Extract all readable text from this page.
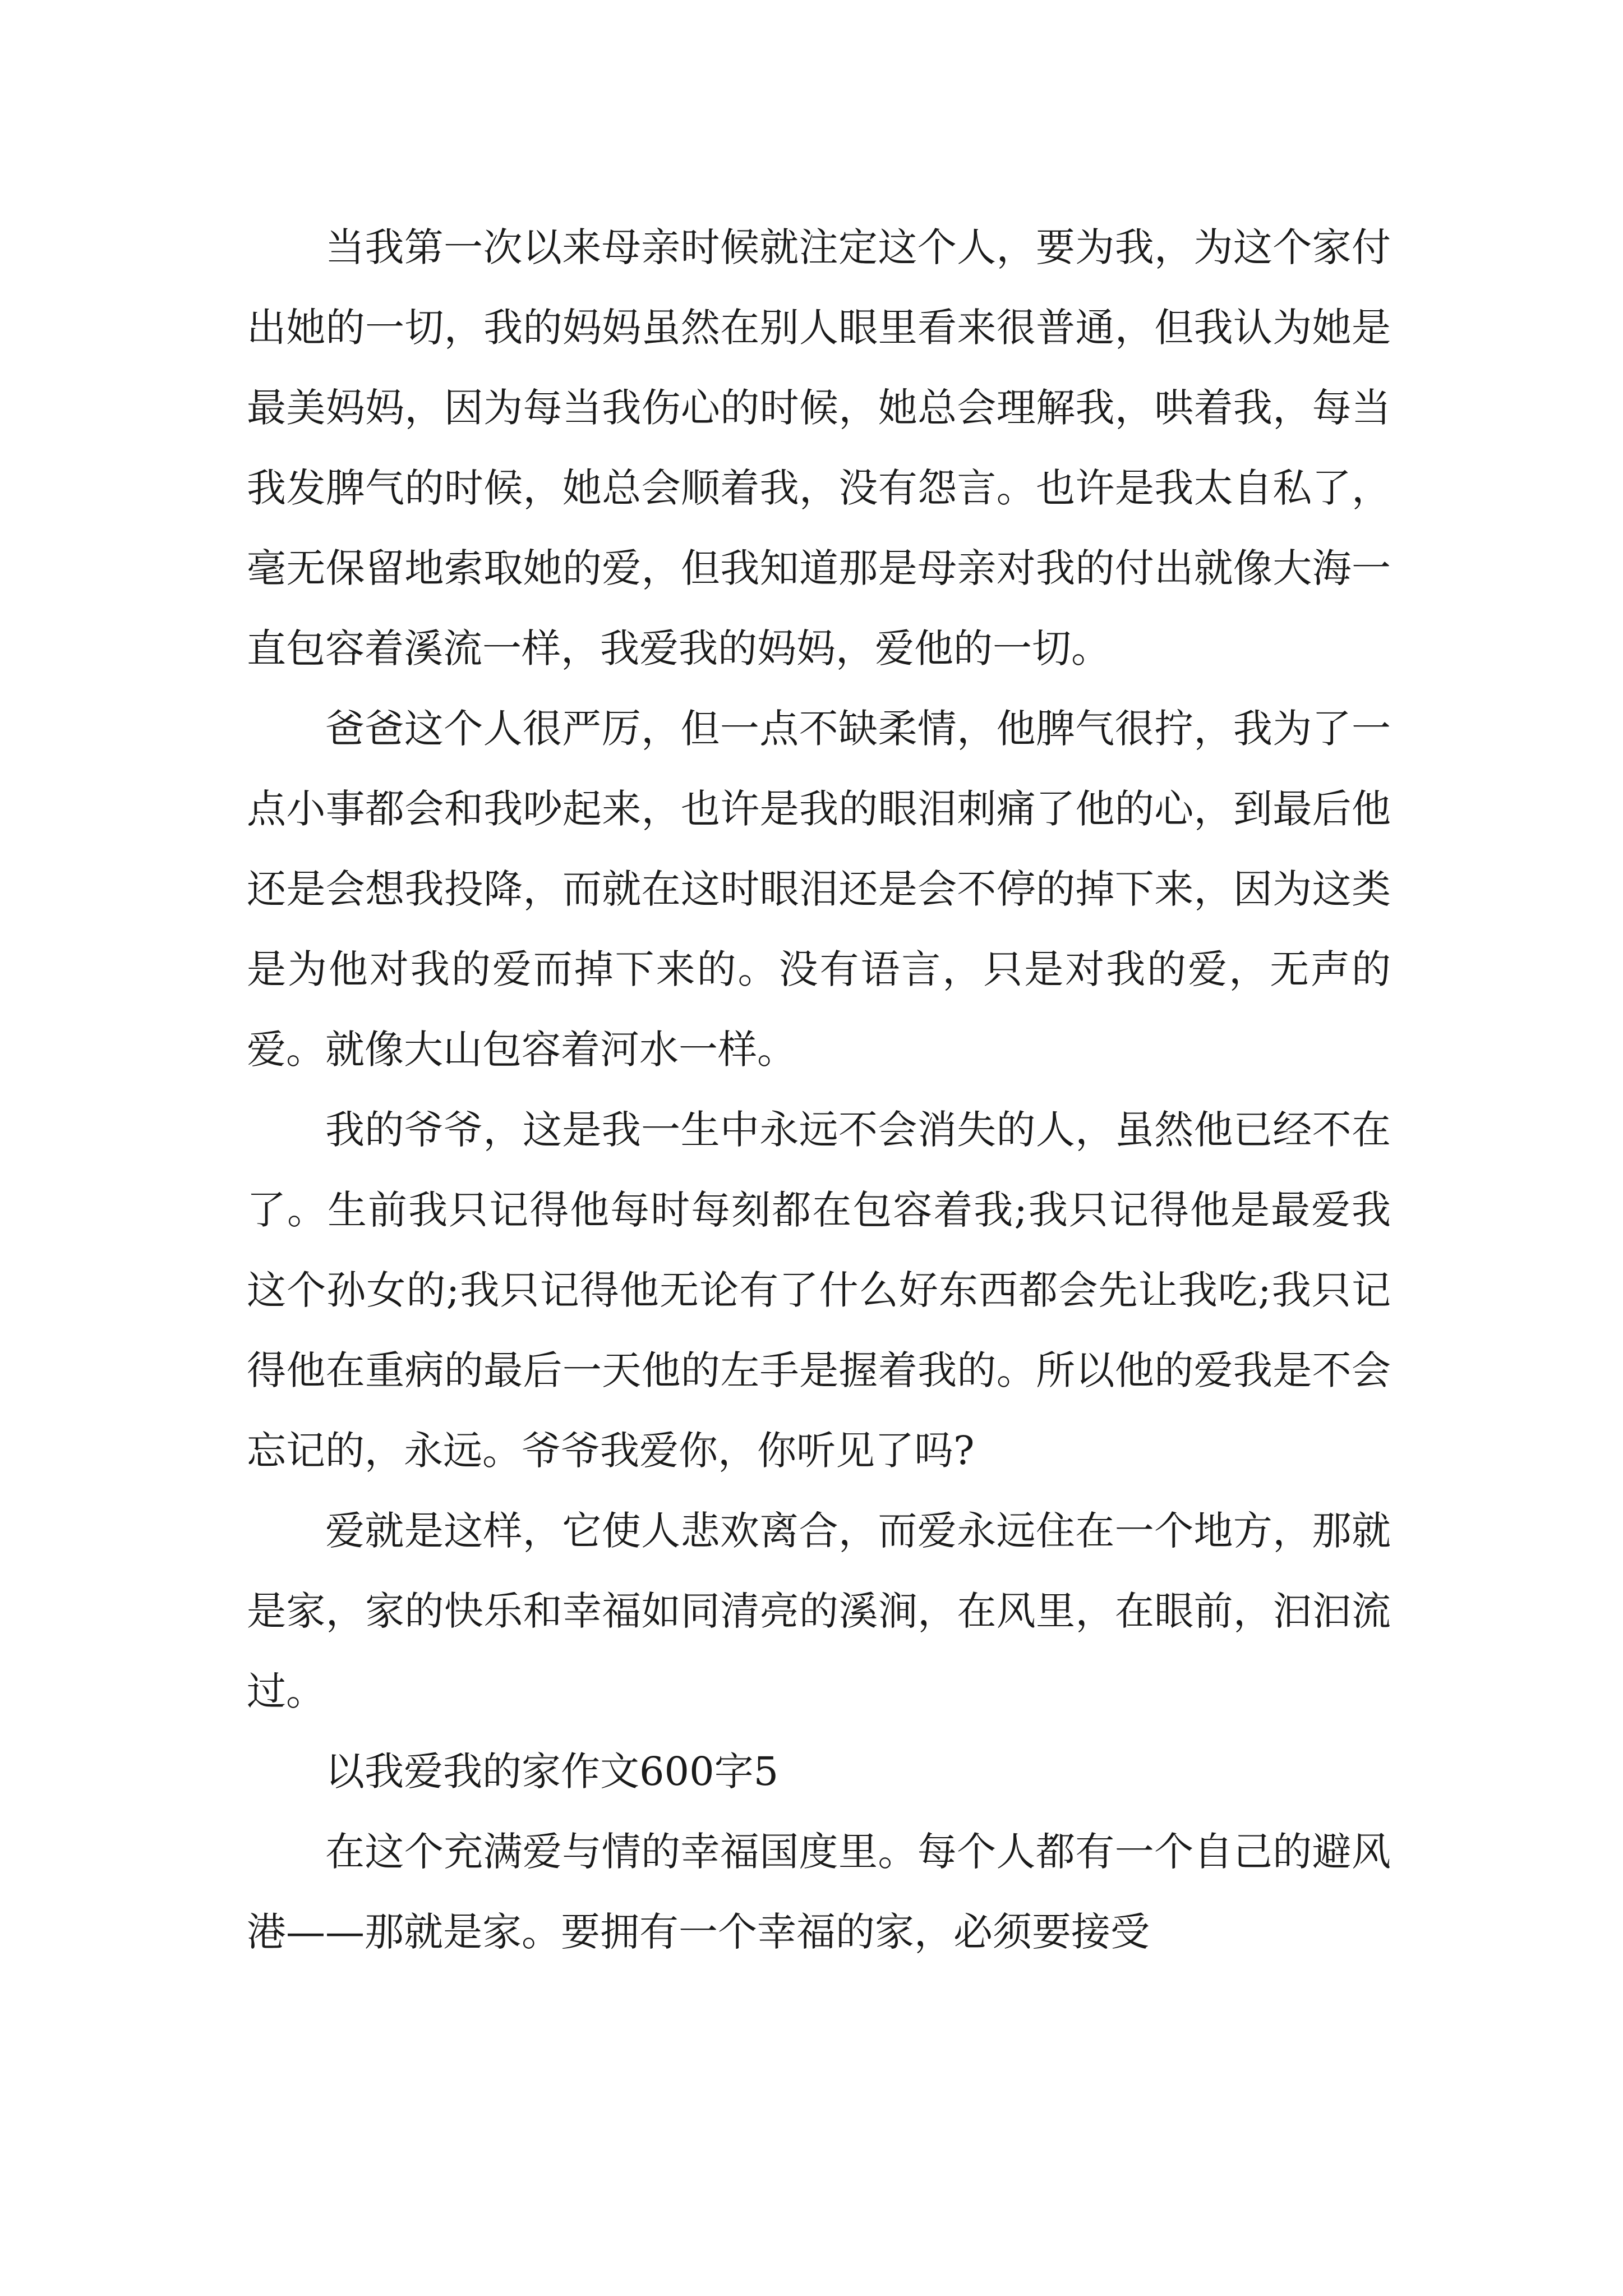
当我第一次以来母亲时候就注定这个人，要为我，为这个家付出她的一切，我的妈妈虽然在别人眼里看来很普通，但我认为她是最美妈妈，因为每当我伤心的时候，她总会理解我，哄着我，每当我发脾气的时候，她总会顺着我，没有怨言。也许是我太自私了，毫无保留地索取她的爱，但我知道那是母亲对我的付出就像大海一直包容着溪流一样，我爱我的妈妈，爱他的一切。

爸爸这个人很严厉，但一点不缺柔情，他脾气很拧，我为了一点小事都会和我吵起来，也许是我的眼泪刺痛了他的心，到最后他还是会想我投降，而就在这时眼泪还是会不停的掉下来，因为这类是为他对我的爱而掉下来的。没有语言，只是对我的爱，无声的爱。就像大山包容着河水一样。

我的爷爷，这是我一生中永远不会消失的人，虽然他已经不在了。生前我只记得他每时每刻都在包容着我;我只记得他是最爱我这个孙女的;我只记得他无论有了什么好东西都会先让我吃;我只记得他在重病的最后一天他的左手是握着我的。所以他的爱我是不会忘记的，永远。爷爷我爱你，你听见了吗?

爱就是这样，它使人悲欢离合，而爱永远住在一个地方，那就是家，家的快乐和幸福如同清亮的溪涧，在风里，在眼前，汩汩流过。

以我爱我的家作文600字5

在这个充满爱与情的幸福国度里。每个人都有一个自己的避风港——那就是家。要拥有一个幸福的家，必须要接受
